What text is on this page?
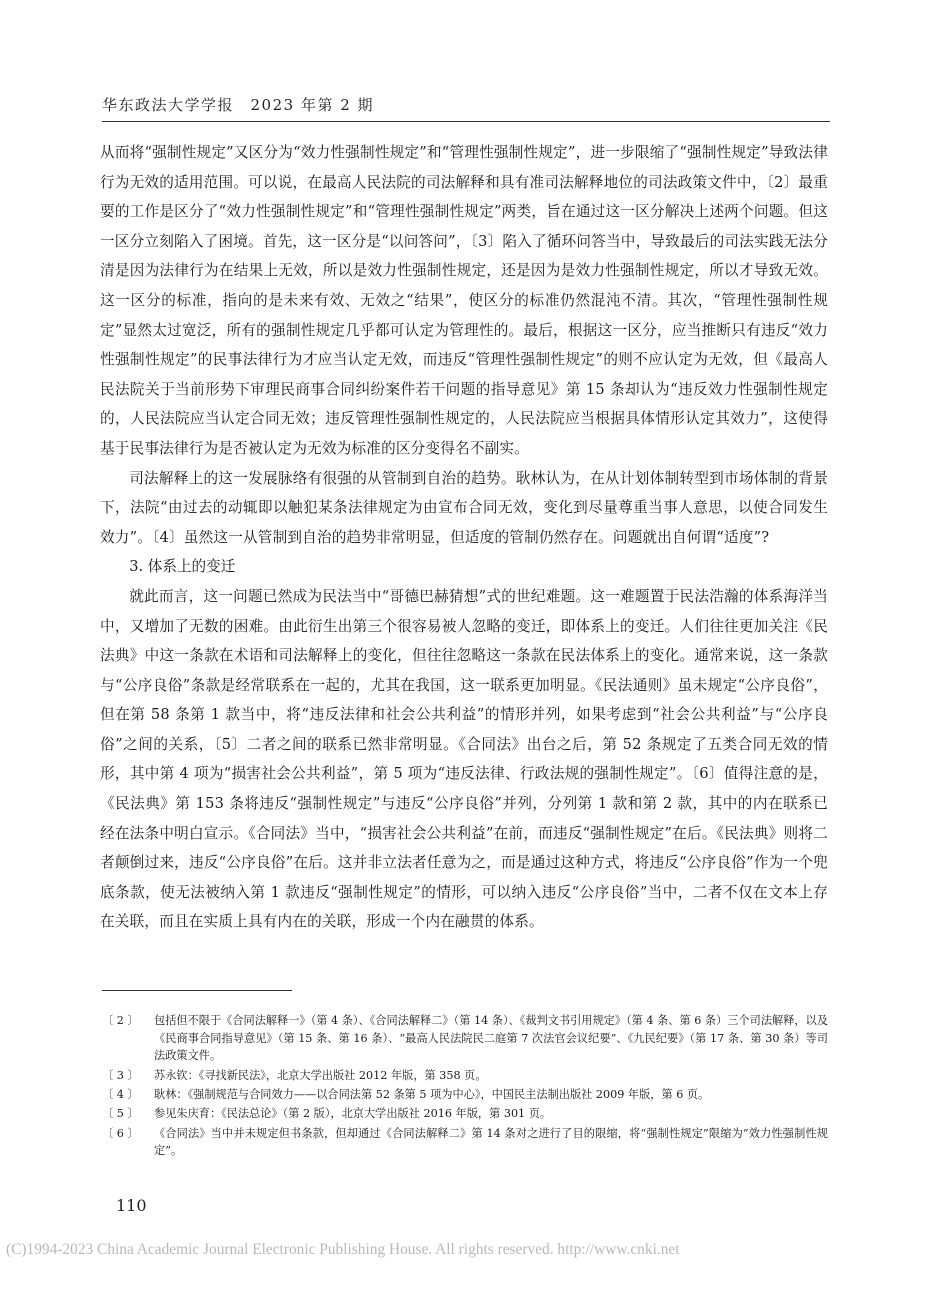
华东政法大学学报　2023 年第 2 期

从而将“强制性规定”又区分为“效力性强制性规定”和“管理性强制性规定”，进一步限缩了“强制性规定”导致法律行为无效的适用范围。可以说，在最高人民法院的司法解释和具有准司法解释地位的司法政策文件中，〔2〕最重要的工作是区分了“效力性强制性规定”和“管理性强制性规定”两类，旨在通过这一区分解决上述两个问题。但这一区分立刻陷入了困境。首先，这一区分是“以问答问”，〔3〕陷入了循环问答当中，导致最后的司法实践无法分清是因为法律行为在结果上无效，所以是效力性强制性规定，还是因为是效力性强制性规定，所以才导致无效。这一区分的标准，指向的是未来有效、无效之“结果”，使区分的标准仍然混沌不清。其次，“管理性强制性规定”显然太过宽泛，所有的强制性规定几乎都可认定为管理性的。最后，根据这一区分，应当推断只有违反“效力性强制性规定”的民事法律行为才应当认定无效，而违反“管理性强制性规定”的则不应认定为无效，但《最高人民法院关于当前形势下审理民商事合同纠纷案件若干问题的指导意见》第 15 条却认为“违反效力性强制性规定的，人民法院应当认定合同无效；违反管理性强制性规定的，人民法院应当根据具体情形认定其效力”，这使得基于民事法律行为是否被认定为无效为标准的区分变得名不副实。

司法解释上的这一发展脉络有很强的从管制到自治的趋势。耿林认为，在从计划体制转型到市场体制的背景下，法院“由过去的动辄即以触犯某条法律规定为由宣布合同无效，变化到尽量尊重当事人意思，以使合同发生效力”。〔4〕虽然这一从管制到自治的趋势非常明显，但适度的管制仍然存在。问题就出自何谓“适度”?

3. 体系上的变迁

就此而言，这一问题已然成为民法当中“哥德巴赫猜想”式的世纪难题。这一难题置于民法浩瀚的体系海洋当中，又增加了无数的困难。由此衍生出第三个很容易被人忽略的变迁，即体系上的变迁。人们往往更加关注《民法典》中这一条款在术语和司法解释上的变化，但往往忽略这一条款在民法体系上的变化。通常来说，这一条款与“公序良俗”条款是经常联系在一起的，尤其在我国，这一联系更加明显。《民法通则》虽未规定“公序良俗”，但在第 58 条第 1 款当中，将“违反法律和社会公共利益”的情形并列，如果考虑到“社会公共利益”与“公序良俗”之间的关系，〔5〕二者之间的联系已然非常明显。《合同法》出台之后，第 52 条规定了五类合同无效的情形，其中第 4 项为“损害社会公共利益”，第 5 项为“违反法律、行政法规的强制性规定”。〔6〕值得注意的是，《民法典》第 153 条将违反“强制性规定”与违反“公序良俗”并列，分列第 1 款和第 2 款，其中的内在联系已经在法条中明白宣示。《合同法》当中，“损害社会公共利益”在前，而违反“强制性规定”在后。《民法典》则将二者颠倒过来，违反“公序良俗”在后。这并非立法者任意为之，而是通过这种方式，将违反“公序良俗”作为一个兜底条款，使无法被纳入第 1 款违反“强制性规定”的情形，可以纳入违反“公序良俗”当中，二者不仅在文本上存在关联，而且在实质上具有内在的关联，形成一个内在融贯的体系。

〔 2 〕	包括但不限于《合同法解释一》（第 4 条）、《合同法解释二》（第 14 条）、《裁判文书引用规定》（第 4 条、第 6 条）三个司法解释，以及《民商事合同指导意见》（第 15 条、第 16 条）、“最高人民法院民二庭第 7 次法官会议纪要”、《九民纪要》（第 17 条、第 30 条）等司法政策文件。
〔 3 〕	苏永钦：《寻找新民法》，北京大学出版社 2012 年版，第 358 页。
〔 4 〕	耿林：《强制规范与合同效力——以合同法第 52 条第 5 项为中心》，中国民主法制出版社 2009 年版，第 6 页。
〔 5 〕	参见朱庆育：《民法总论》（第 2 版），北京大学出版社 2016 年版，第 301 页。
〔 6 〕	《合同法》当中并未规定但书条款，但却通过《合同法解释二》第 14 条对之进行了目的限缩，将“强制性规定”限缩为“效力性强制性规定”。
110
(C)1994-2023 China Academic Journal Electronic Publishing House. All rights reserved. http://www.cnki.net
